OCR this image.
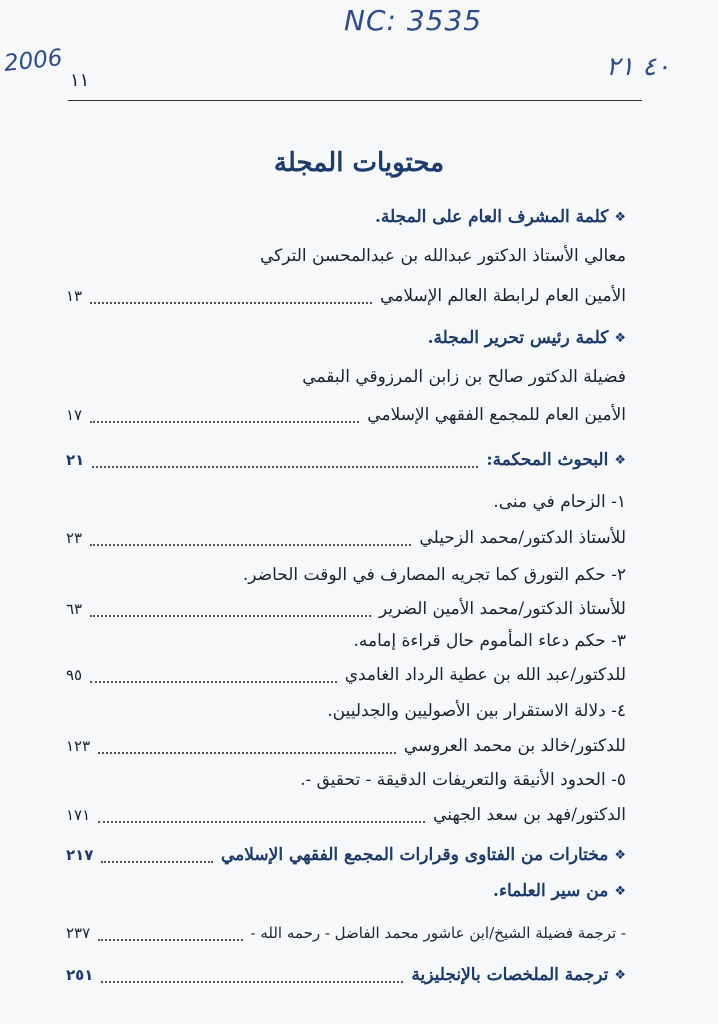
NC: 3535
2006	٤٠ ٢١
١١
محتويات المجلة
❖
كلمة المشرف العام على المجلة.
معالي الأستاذ الدكتور عبدالله بن عبدالمحسن التركي
الأمين العام لرابطة العالم الإسلامي
١٣
❖
كلمة رئيس تحرير المجلة.
فضيلة الدكتور صالح بن زابن المرزوقي البقمي
الأمين العام للمجمع الفقهي الإسلامي
١٧
❖
البحوث المحكمة:
٢١
١- الزحام في منى.
للأستاذ الدكتور/محمد الزحيلي
٢٣
٢- حكم التورق كما تجريه المصارف في الوقت الحاضر.
للأستاذ الدكتور/محمد الأمين الضرير
٦٣
٣- حكم دعاء المأموم حال قراءة إمامه.
للدكتور/عبد الله بن عطية الرداد الغامدي
٩٥
٤- دلالة الاستقرار بين الأصوليين والجدليين.
للدكتور/خالد بن محمد العروسي
١٢٣
٥- الحدود الأنيقة والتعريفات الدقيقة - تحقيق -.
الدكتور/فهد بن سعد الجهني
١٧١
❖
مختارات من الفتاوى وقرارات المجمع الفقهي الإسلامي
٢١٧
❖
من سير العلماء.
- ترجمة فضيلة الشيخ/ابن عاشور محمد الفاضل - رحمه الله -
٢٣٧
❖
ترجمة الملخصات بالإنجليزية
٢٥١
